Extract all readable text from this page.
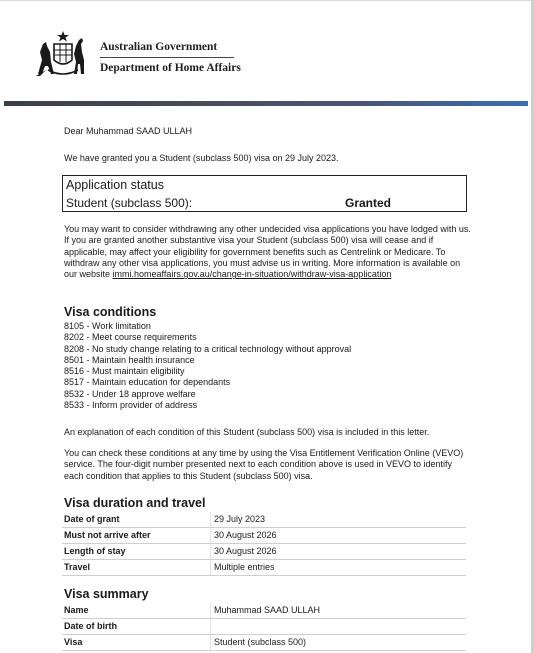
Australian Government
Department of Home Affairs

Dear Muhammad SAAD ULLAH

We have granted you a Student (subclass 500) visa on 29 July 2023.

Application status
Student (subclass 500):	Granted

You may want to consider withdrawing any other undecided visa applications you have lodged with us. If you are granted another substantive visa your Student (subclass 500) visa will cease and if applicable, may affect your eligibility for government benefits such as Centrelink or Medicare. To withdraw any other visa applications, you must advise us in writing. More information is available on our website immi.homeaffairs.gov.au/change-in-situation/withdraw-visa-application

Visa conditions
8105 - Work limitation
8202 - Meet course requirements
8208 - No study change relating to a critical technology without approval
8501 - Maintain health insurance
8516 - Must maintain eligibility
8517 - Maintain education for dependants
8532 - Under 18 approve welfare
8533 - Inform provider of address

An explanation of each condition of this Student (subclass 500) visa is included in this letter.

You can check these conditions at any time by using the Visa Entitlement Verification Online (VEVO) service. The four-digit number presented next to each condition above is used in VEVO to identify each condition that applies to this Student (subclass 500) visa.

Visa duration and travel
Date of grant	29 July 2023
Must not arrive after	30 August 2026
Length of stay	30 August 2026
Travel	Multiple entries
Visa summary
Name	Muhammad SAAD ULLAH
Date of birth
Visa	Student (subclass 500)
